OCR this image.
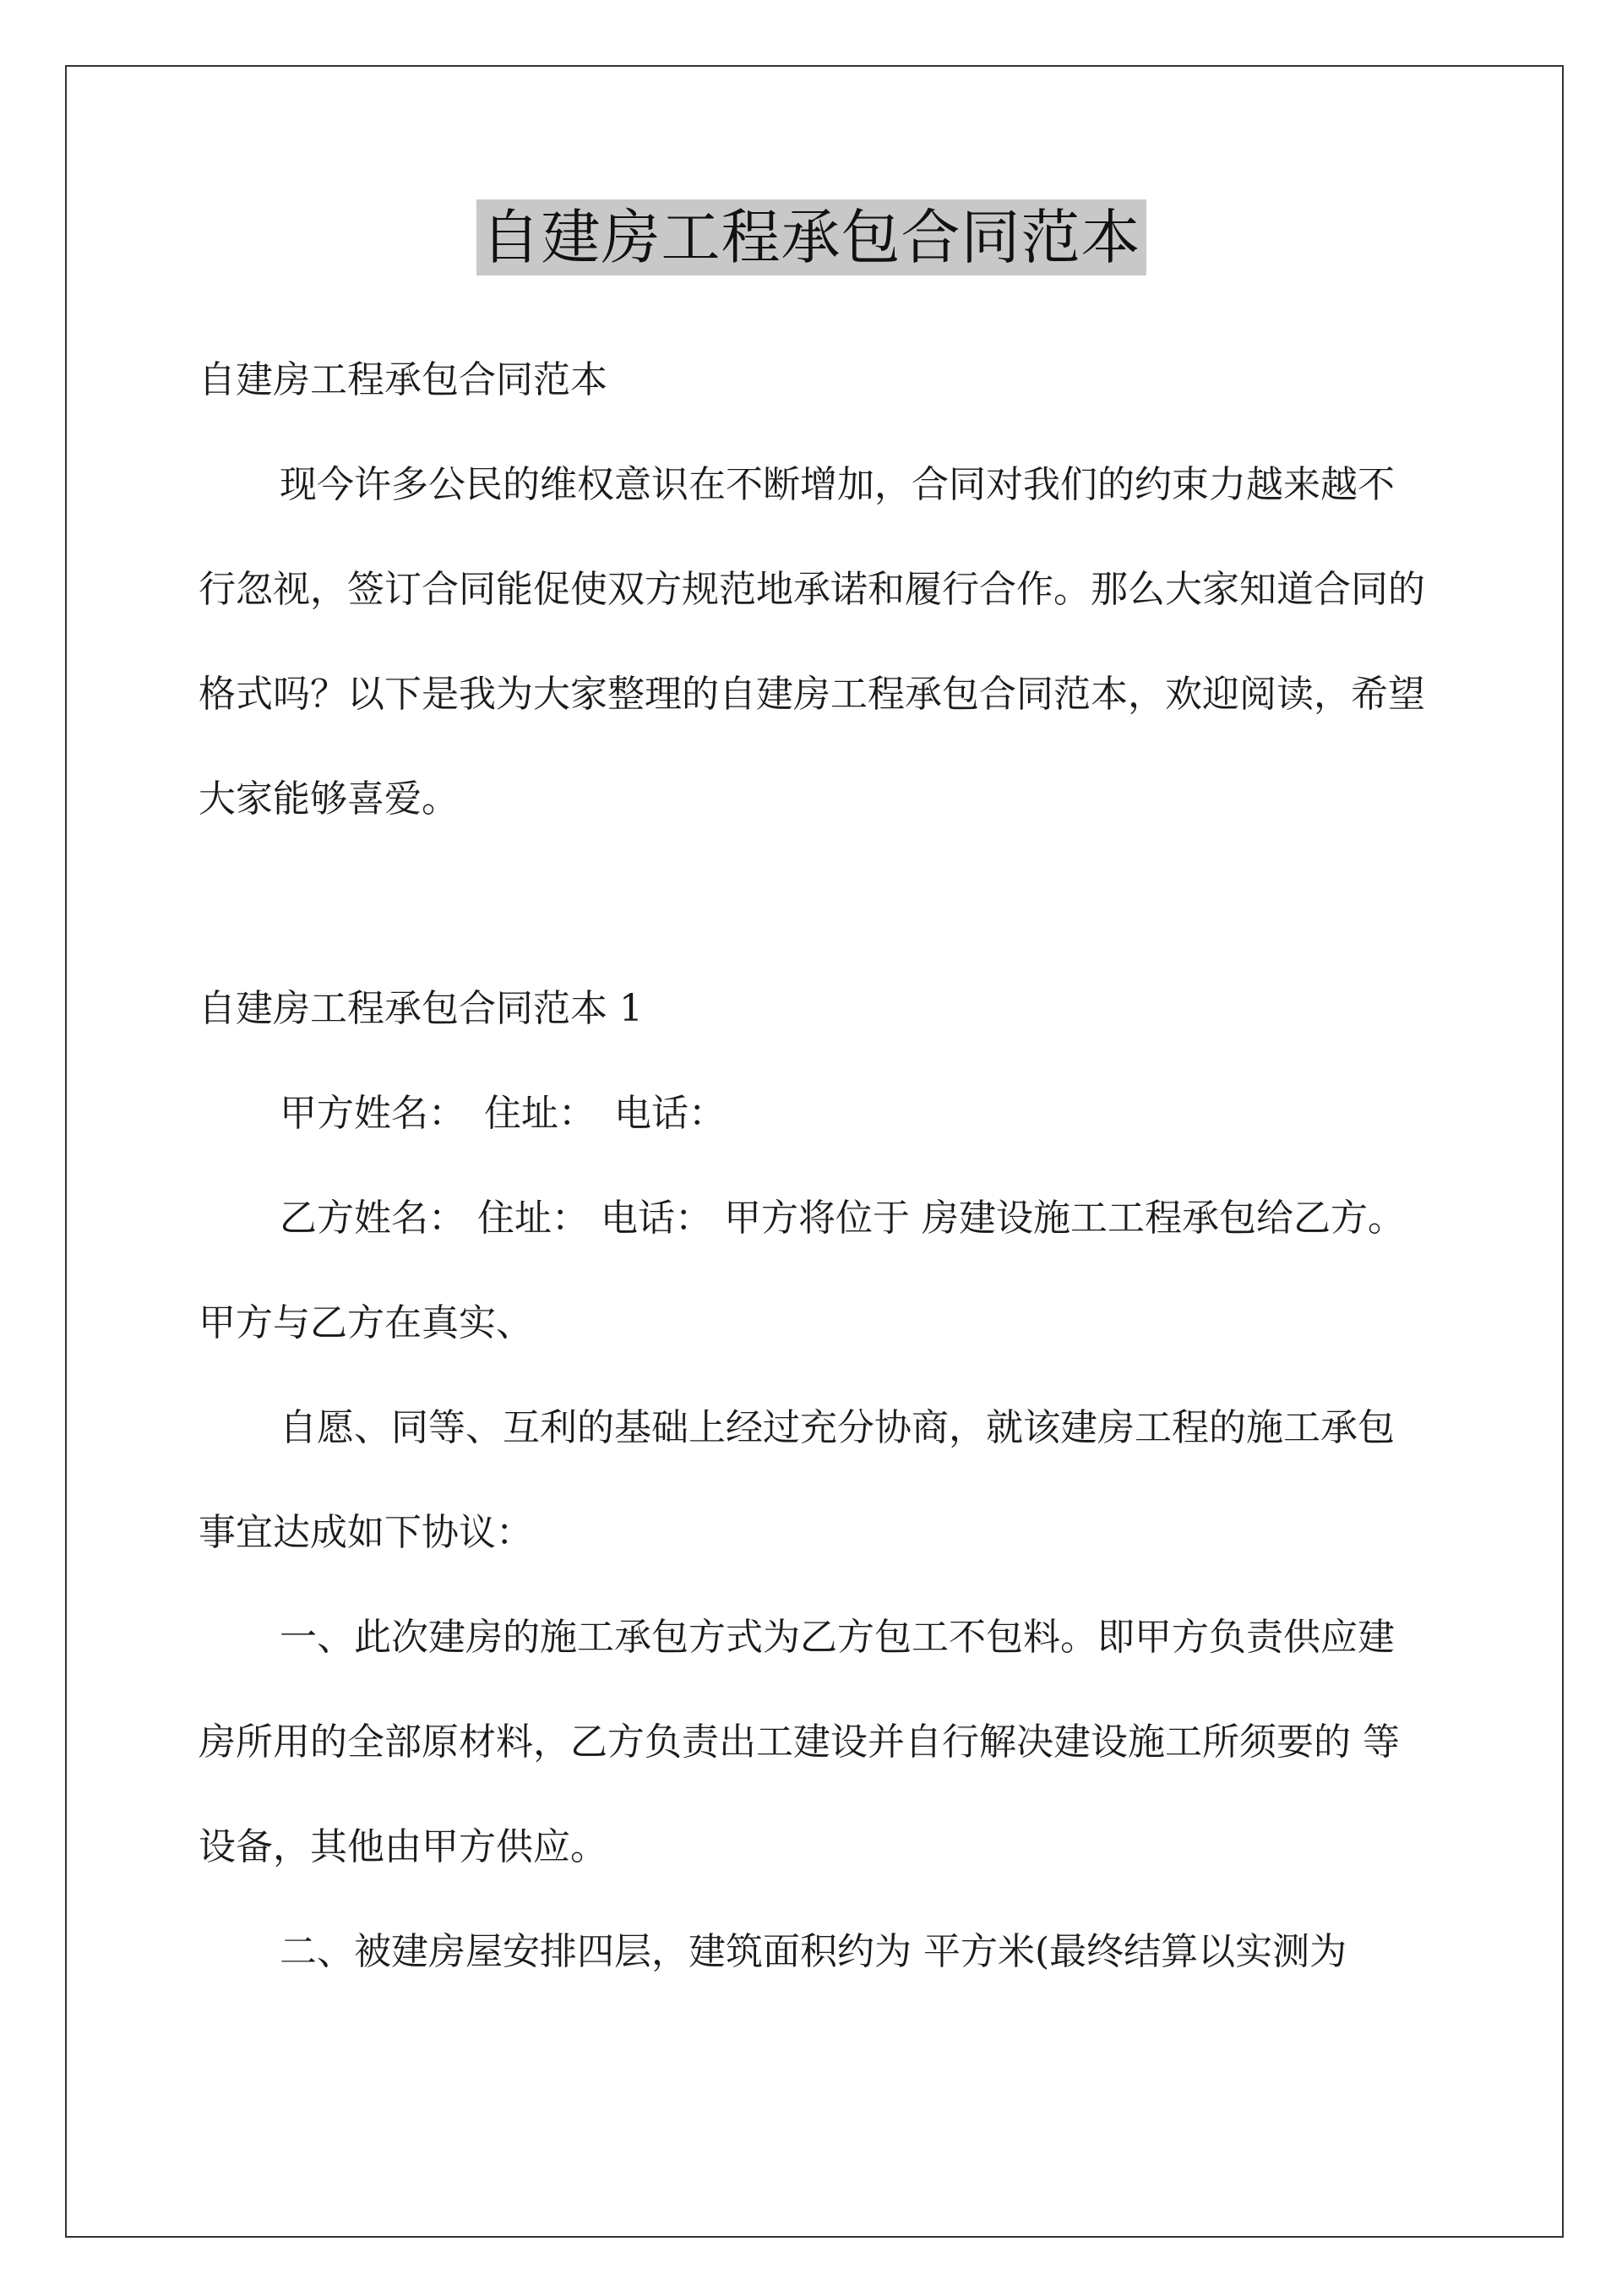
自建房工程承包合同范本

自建房工程承包合同范本

现今许多公民的维权意识在不断增加，合同对我们的约束力越来越不行忽视，签订合同能促使双方规范地承诺和履行合作。那么大家知道合同的格式吗？以下是我为大家整理的自建房工程承包合同范本，欢迎阅读，希望大家能够喜爱。

自建房工程承包合同范本 1

甲方姓名：　住址：　电话：

乙方姓名： 住址： 电话： 甲方将位于 房建设施工工程承包给乙方。甲方与乙方在真实、

自愿、同等、互利的基础上经过充分协商，就该建房工程的施工承包事宜达成如下协议：

一、此次建房的施工承包方式为乙方包工不包料。即甲方负责供应建房所用的全部原材料，乙方负责出工建设并自行解决建设施工所须要的 等设备，其他由甲方供应。

二、被建房屋安排四层，建筑面积约为 平方米(最终结算以实测为
